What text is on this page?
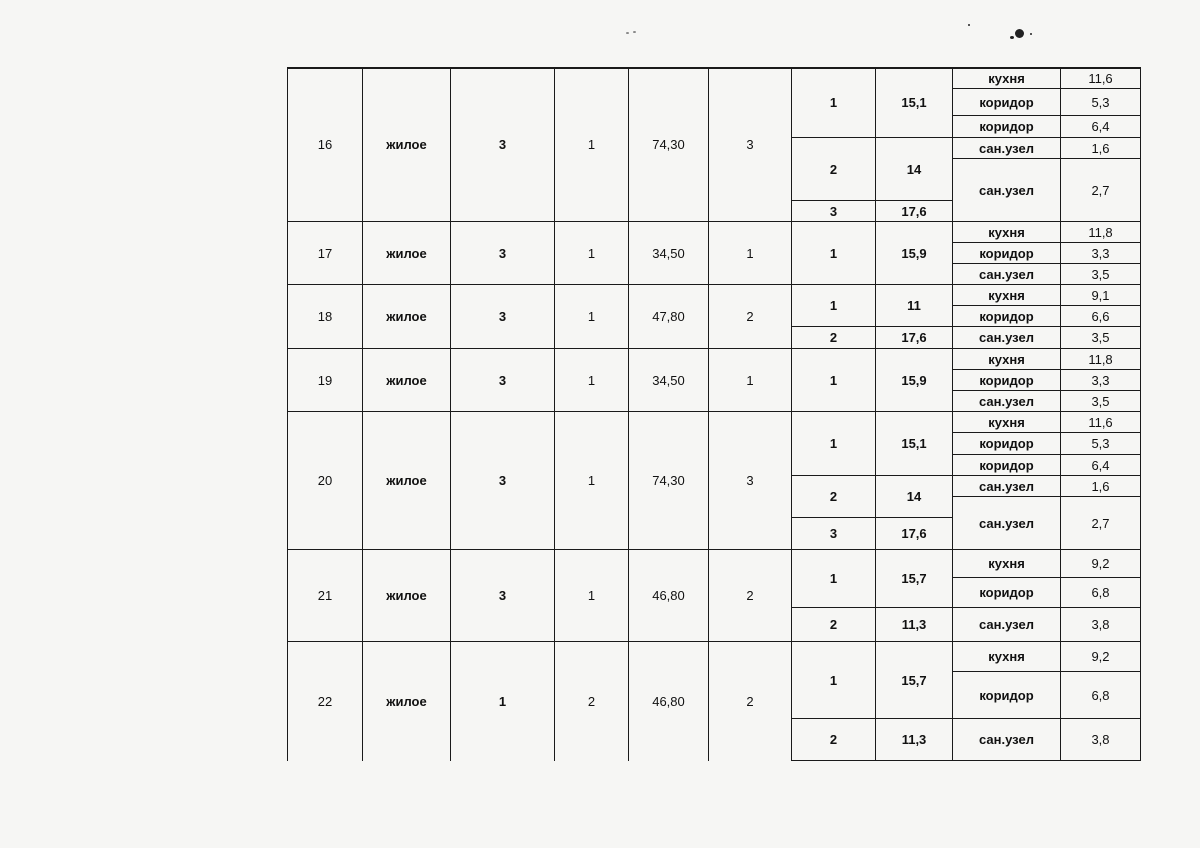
16	жилое	3	1	74,30	3	1	15,1	кухня	11,6
								коридор	5,3
								коридор	6,4
						2	14	сан.узел	1,6
								сан.узел	2,7
						3	17,6		
17	жилое	3	1	34,50	1	1	15,9	кухня	11,8
								коридор	3,3
								сан.узел	3,5
18	жилое	3	1	47,80	2	1	11	кухня	9,1
								коридор	6,6
						2	17,6	сан.узел	3,5
19	жилое	3	1	34,50	1	1	15,9	кухня	11,8
								коридор	3,3
								сан.узел	3,5
20	жилое	3	1	74,30	3	1	15,1	кухня	11,6
								коридор	5,3
								коридор	6,4
						2	14	сан.узел	1,6
								сан.узел	2,7
						3	17,6		
21	жилое	3	1	46,80	2	1	15,7	кухня	9,2
								коридор	6,8
						2	11,3	сан.узел	3,8
22	жилое	1	2	46,80	2	1	15,7	кухня	9,2
								коридор	6,8
						2	11,3	сан.узел	3,8
